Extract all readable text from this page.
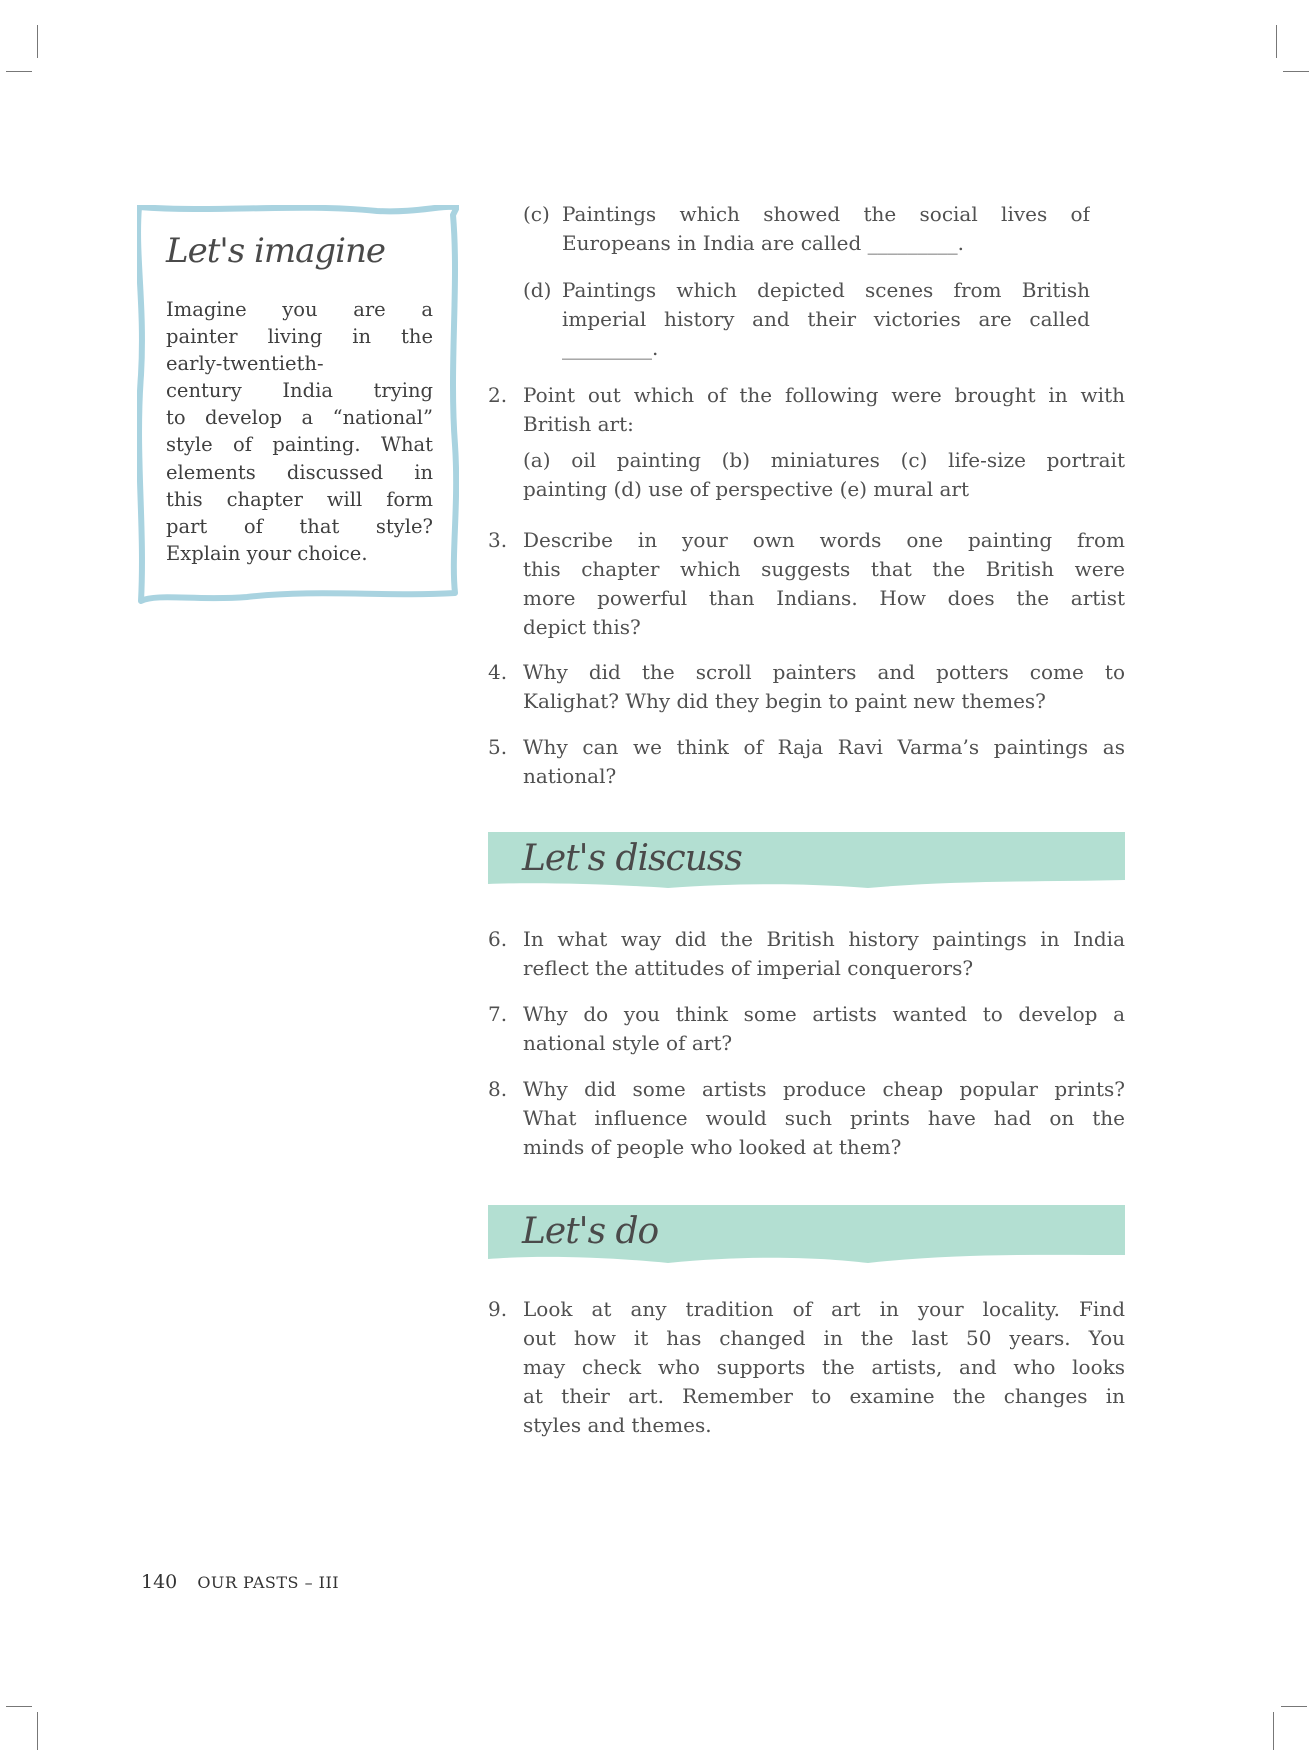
Let's imagine
Imagine you are a
painter living in the
early-twentieth-
century India trying
to develop a “national”
style of painting. What
elements discussed in
this chapter will form
part of that style?
Explain your choice.
(c) Paintings which showed the social lives of
Europeans in India are called _________.
(d) Paintings which depicted scenes from British
imperial history and their victories are called
_________.
2. Point out which of the following were brought in with
British art:
(a) oil painting (b) miniatures (c) life-size portrait
painting (d) use of perspective (e) mural art
3. Describe in your own words one painting from
this chapter which suggests that the British were
more powerful than Indians. How does the artist
depict this?
4. Why did the scroll painters and potters come to
Kalighat? Why did they begin to paint new themes?
5. Why can we think of Raja Ravi Varma’s paintings as
national?
6. In what way did the British history paintings in India
reflect the attitudes of imperial conquerors?
7. Why do you think some artists wanted to develop a
national style of art?
8. Why did some artists produce cheap popular prints?
What influence would such prints have had on the
minds of people who looked at them?
9. Look at any tradition of art in your locality. Find
out how it has changed in the last 50 years. You
may check who supports the artists, and who looks
at their art. Remember to examine the changes in
styles and themes.
Let's discuss
Let's do
140 OUR PASTS – III
